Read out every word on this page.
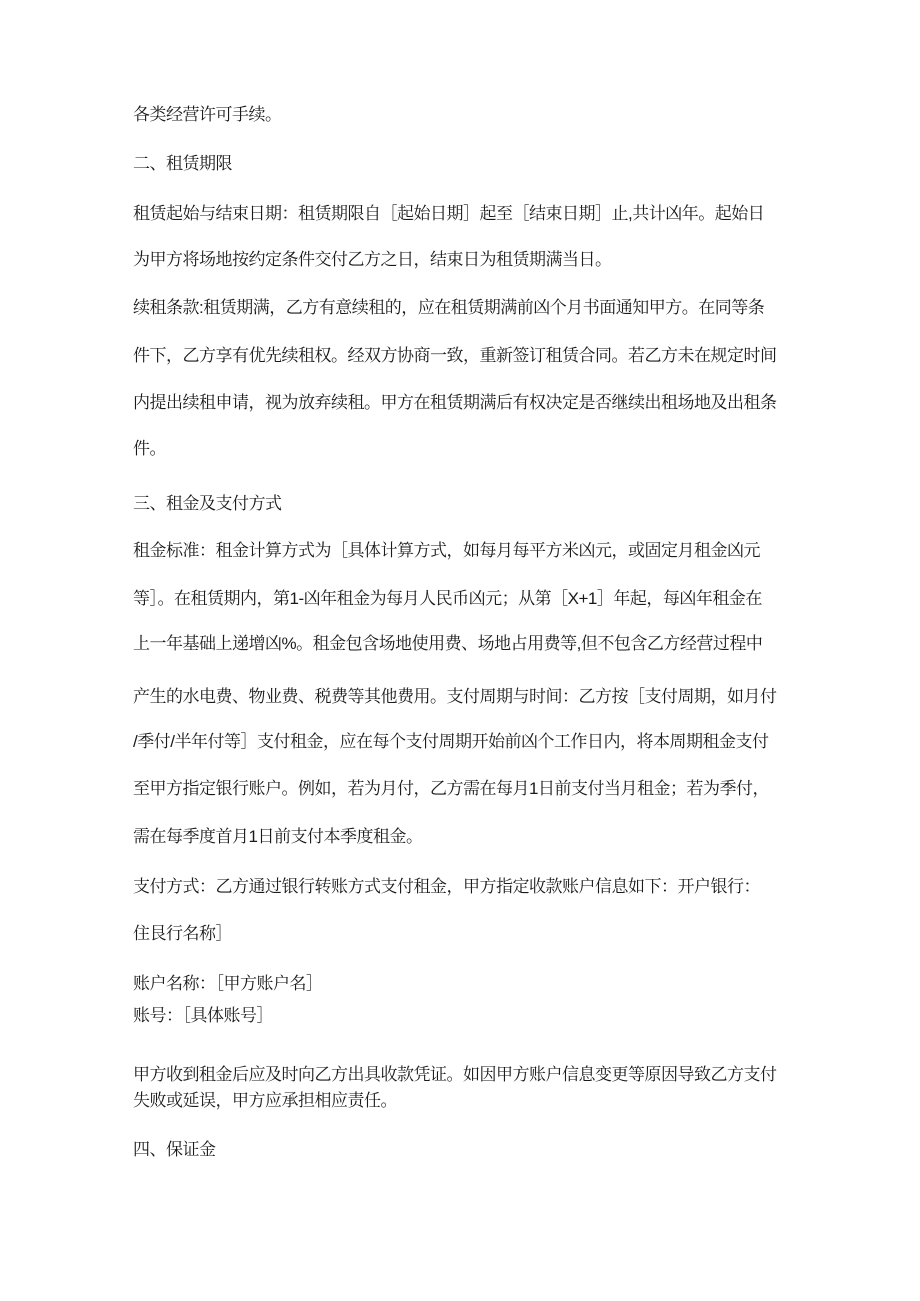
各类经营许可手续。
二、租赁期限
租赁起始与结束日期：租赁期限自［起始日期］起至［结束日期］止,共计凶年。起始日
为甲方将场地按约定条件交付乙方之日，结束日为租赁期满当日。
续租条款:租赁期满，乙方有意续租的，应在租赁期满前凶个月书面通知甲方。在同等条
件下，乙方享有优先续租权。经双方协商一致，重新签订租赁合同。若乙方未在规定时间
内提出续租申请，视为放弃续租。甲方在租赁期满后有权决定是否继续出租场地及出租条
件。
三、租金及支付方式
租金标准：租金计算方式为［具体计算方式，如每月每平方米凶元，或固定月租金凶元
等］。在租赁期内，第1-凶年租金为每月人民币凶元；从第［X+1］年起，每凶年租金在
上一年基础上递增凶%。租金包含场地使用费、场地占用费等,但不包含乙方经营过程中
产生的水电费、物业费、税费等其他费用。支付周期与时间：乙方按［支付周期，如月付
/季付/半年付等］支付租金，应在每个支付周期开始前凶个工作日内，将本周期租金支付
至甲方指定银行账户。例如，若为月付，乙方需在每月1日前支付当月租金；若为季付，
需在每季度首月1日前支付本季度租金。
支付方式：乙方通过银行转账方式支付租金，甲方指定收款账户信息如下：开户银行：
住艮行名称］
账户名称：［甲方账户名］
账号：［具体账号］
甲方收到租金后应及时向乙方出具收款凭证。如因甲方账户信息变更等原因导致乙方支付
失败或延误，甲方应承担相应责任。
四、保证金
